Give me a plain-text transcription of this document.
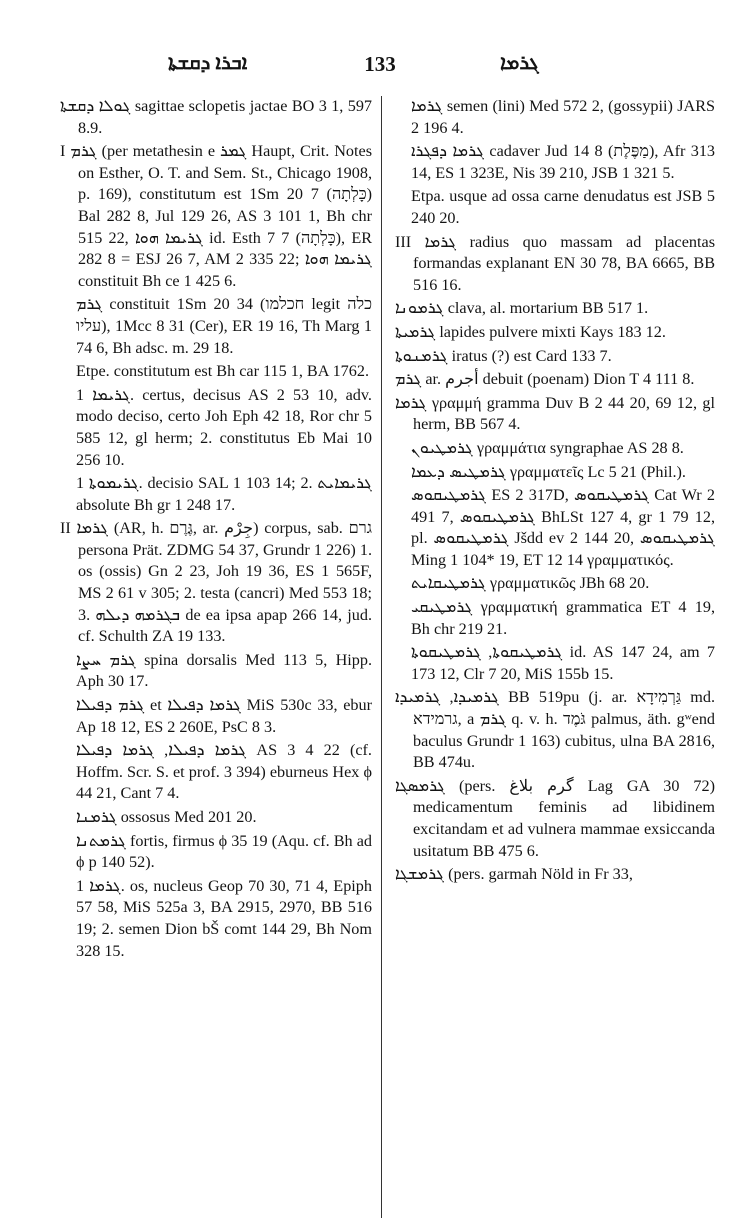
ܐܒܪܐ ܕܩܫܬܐ	133	ܓܪܡܐ

ܓܘܠܐ ܕܩܫܬܐ sagittae sclopetis jactae BO 3 1, 597 8.9.

I ܓܪܡ (per metathesin e ܓܡܪ Haupt, Crit. Notes on Esther, O. T. and Sem. St., Chicago 1908, p. 169), constitutum est 1Sm 20 7 (כָּלְתָה) Bal 282 8, Jul 129 26, AS 3 101 1, Bh chr 515 22, ܓܪܝܡܐ ܗܘܐ id. Esth 7 7 (כָּלְתָה), ER 282 8 = ESJ 26 7, AM 2 335 22; ܓܪܝܡܐ ܗܘܐ constituit Bh ce 1 425 6.

ܓܪܡ constituit 1Sm 20 34 (חכלמו legit כלה עליו), 1Mcc 8 31 (Cer), ER 19 16, Th Marg 1 74 6, Bh adsc. m. 29 18.

Etpe. constitutum est Bh car 115 1, BA 1762.

ܓܪܝܡܐ 1. certus, decisus AS 2 53 10, adv. modo deciso, certo Joh Eph 42 18, Ror chr 5 585 12, gl herm; 2. constitutus Eb Mai 10 256 10.

ܓܪܝܡܘܬܐ 1. decisio SAL 1 103 14; 2. ܓܪܝܡܐܝܬ absolute Bh gr 1 248 17.

II ܓܪܡܐ (AR, h. גֶּרֶם, ar. جِرْم) corpus, sab. גרם persona Prät. ZDMG 54 37, Grundr 1 226) 1. os (ossis) Gn 2 23, Joh 19 36, ES 1 565F, MS 2 61 v 305; 2. testa (cancri) Med 553 18; 3. ܒܓܪܡܗ ܕܝܠܗ de ea ipsa apap 266 14, jud. cf. Schulth ZA 19 133.

ܓܪܡ ܚܨܐ spina dorsalis Med 113 5, Hipp. Aph 30 17.

ܓܪܡ ܕܦܝܠܐ et ܓܪܡܐ ܕܦܝܠܐ MiS 530c 33, ebur Ap 18 12, ES 2 260E, PsC 8 3.

ܓܪܡܐ ܕܦܝܠܐ, ܓܪܡܐ ܕܦܝܠܐ AS 3 4 22 (cf. Hoffm. Scr. S. et prof. 3 394) eburneus Hex ϕ 44 21, Cant 7 4.

ܓܪܡܢܐ ossosus Med 201 20.

ܓܪܡܬܢܐ fortis, firmus ϕ 35 19 (Aqu. cf. Bh ad ϕ p 140 52).

ܓܪܡܐ 1. os, nucleus Geop 70 30, 71 4, Epiph 57 58, MiS 525a 3, BA 2915, 2970, BB 516 19; 2. semen Dion bŠ comt 144 29, Bh Nom 328 15.

ܓܪܡܐ semen (lini) Med 572 2, (gossypii) JARS 2 196 4.

ܓܪܡܐ ܕܦܓܪܐ cadaver Jud 14 8 (מַפֶּלֶת), Afr 313 14, ES 1 323E, Nis 39 210, JSB 1 321 5.

Etpa. usque ad ossa carne denudatus est JSB 5 240 20.

III ܓܪܡܐ radius quo massam ad placentas formandas explanant EN 30 78, BA 6665, BB 516 16.

ܓܪܡܘܢܐ clava, al. mortarium BB 517 1.

ܓܪܡܝܬܐ lapides pulvere mixti Kays 183 12.

ܓܪܡܢܘܬܐ iratus (?) est Card 133 7.

ܓܪܡ ar. أجرم debuit (poenam) Dion T 4 111 8.

ܓܪܡܐ γραμμή gramma Duv B 2 44 20, 69 12, gl herm, BB 567 4.

ܓܪܡܛܝܘܢ γραμμάτια syngraphae AS 28 8.

ܓܪܡܛܝܣ ܕܥܡܐ γραμματεῖς Lc 5 21 (Phil.).

ܓܪܡܛܝܩܘܣ ES 2 317D, ܓܪܡܛܝܩܘܣ Cat Wr 2 491 7, ܓܪܡܛܝܩܘܣ BhLSt 127 4, gr 1 79 12, pl. ܓܪܡܛܝܩܘܣ Jšdd ev 2 144 20, ܓܪܡܛܝܩܘܣ Ming 1 104* 19, ET 12 14 γραμματικός.

ܓܪܡܛܝܩܐܝܬ γραμματικῶς JBh 68 20.

ܓܪܡܛܝܩܝ γραμματική grammatica ET 4 19, Bh chr 219 21.

ܓܪܡܛܝܩܘܬܐ, ܓܪܡܛܝܩܘܬܐ id. AS 147 24, am 7 173 12, Clr 7 20, MiS 155b 15.

ܓܪܡܝܕܐ, ܓܪܡܝܕܐ BB 519pu (j. ar. גַּרְמִידָא md. גרמידא, a ܓܪܡ q. v. h. גֹּמֶד palmus, äth. gʷend baculus Grundr 1 163) cubitus, ulna BA 2816, BB 474u.

ܓܪܡܣܓܐ (pers. گرم بلاغ Lag GA 30 72) medicamentum feminis ad libidinem excitandam et ad vulnera mammae exsiccanda usitatum BB 475 6.

ܓܪܡܫܓܐ (pers. garmah Nöld in Fr 33,
